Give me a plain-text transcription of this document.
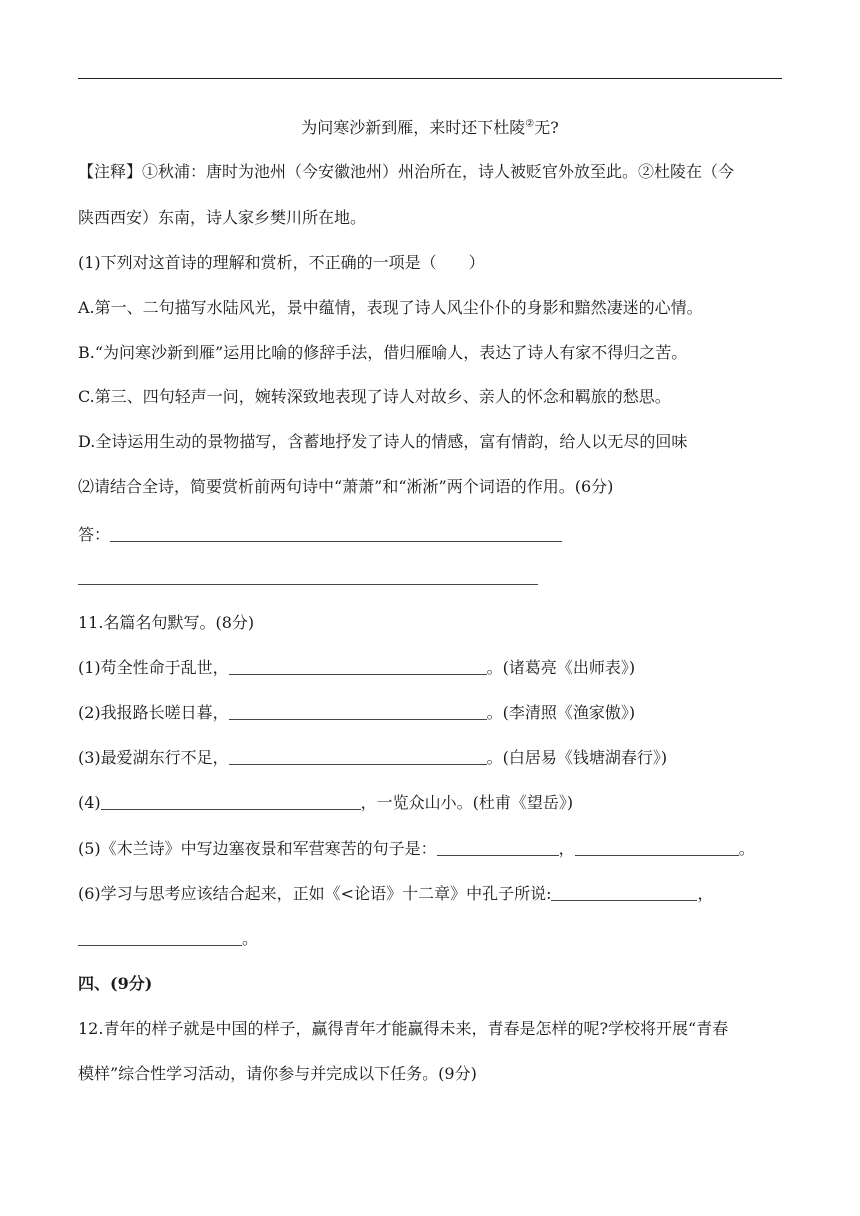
为问寒沙新到雁，来时还下杜陵②无?
【注释】①秋浦：唐时为池州（今安徽池州）州治所在，诗人被贬官外放至此。②杜陵在（今
陕西西安）东南，诗人家乡樊川所在地。
(1)下列对这首诗的理解和赏析，不正确的一项是（　　）
A.第一、二句描写水陆风光，景中蕴情，表现了诗人风尘仆仆的身影和黯然凄迷的心情。
B.“为问寒沙新到雁”运用比喻的修辞手法，借归雁喻人，表达了诗人有家不得归之苦。
C.第三、四句轻声一问，婉转深致地表现了诗人对故乡、亲人的怀念和羁旅的愁思。
D.全诗运用生动的景物描写，含蓄地抒发了诗人的情感，富有情韵，给人以无尽的回味
⑵请结合全诗，简要赏析前两句诗中“萧萧”和“淅淅”两个词语的作用。(6分)
答：
11.名篇名句默写。(8分)
(1)苟全性命于乱世，	。(诸葛亮《出师表》)
(2)我报路长嗟日暮，	。(李清照《渔家傲》)
(3)最爱湖东行不足，	。(白居易《钱塘湖春行》)
(4)	，一览众山小。(杜甫《望岳》)
(5)《木兰诗》中写边塞夜景和军营寒苦的句子是：	，	。
(6)学习与思考应该结合起来，正如《<论语》十二章》中孔子所说:	，
。
四、(9分)
12.青年的样子就是中国的样子，赢得青年才能赢得未来，青春是怎样的呢?学校将开展“青春
模样”综合性学习活动，请你参与并完成以下任务。(9分)
